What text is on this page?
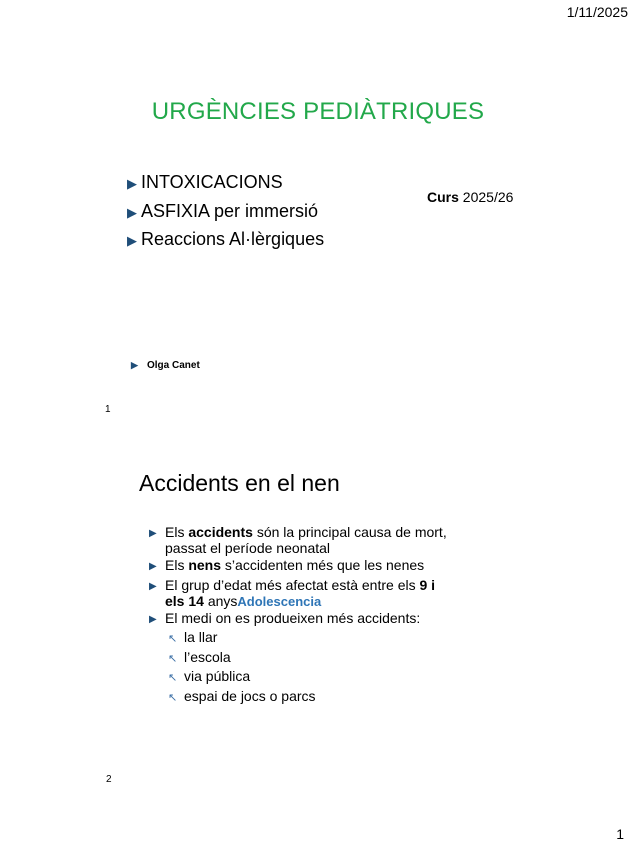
1/11/2025
URGÈNCIES PEDIÀTRIQUES
▶ INTOXICACIONS
▶ ASFIXIA per immersió
▶ Reaccions Al·lèrgiques
Curs 2025/26
▶ Olga Canet
1
Accidents en el nen
▶ Els accidents són la principal causa de mort,
passat el període neonatal
▶ Els nens s’accidenten més que les nenes
▶ El grup d’edat més afectat està entre els 9 i
els 14 anysAdolescencia
▶ El medi on es produeixen més accidents:
↖ la llar
↖ l’escola
↖ via pública
↖ espai de jocs o parcs
2
1
